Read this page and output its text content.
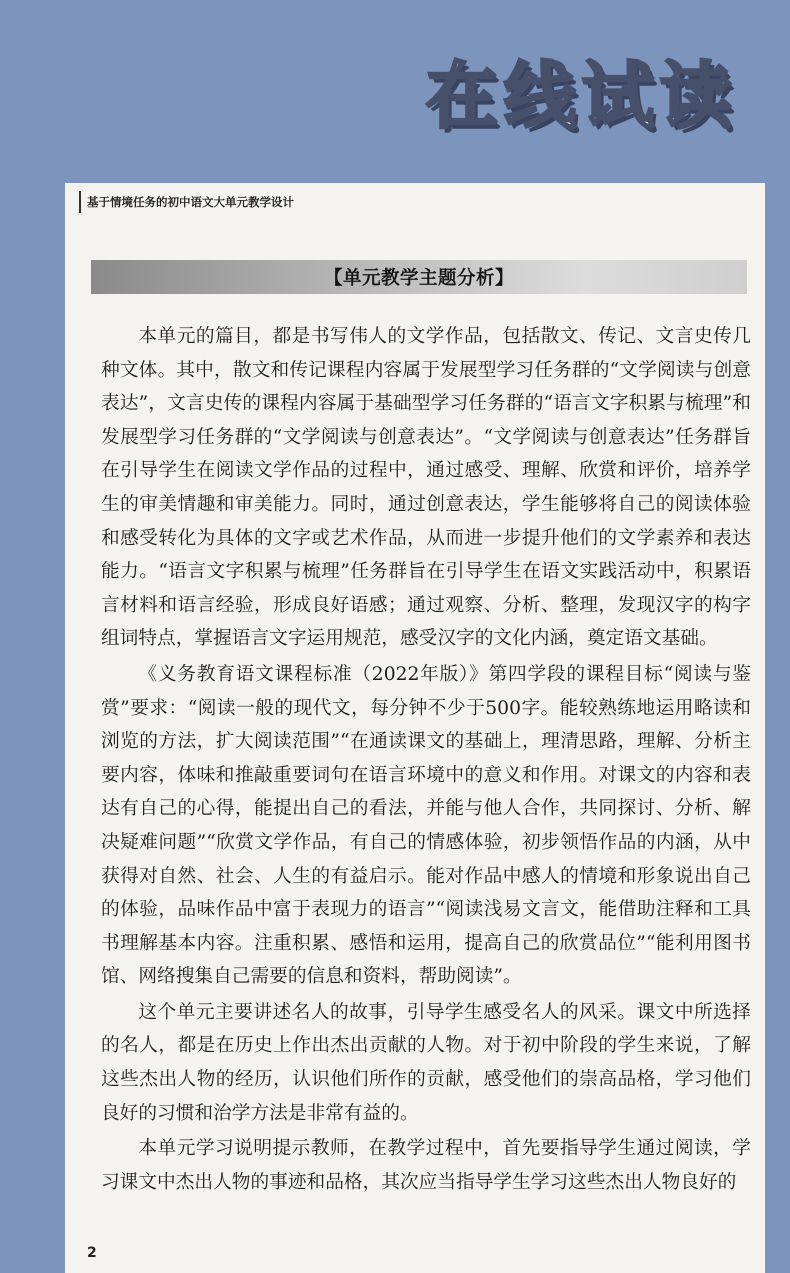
在线试读
基于情境任务的初中语文大单元教学设计
【单元教学主题分析】

本单元的篇目，都是书写伟人的文学作品，包括散文、传记、文言史传几种文体。其中，散文和传记课程内容属于发展型学习任务群的“文学阅读与创意表达”，文言史传的课程内容属于基础型学习任务群的“语言文字积累与梳理”和发展型学习任务群的“文学阅读与创意表达”。“文学阅读与创意表达”任务群旨在引导学生在阅读文学作品的过程中，通过感受、理解、欣赏和评价，培养学生的审美情趣和审美能力。同时，通过创意表达，学生能够将自己的阅读体验和感受转化为具体的文字或艺术作品，从而进一步提升他们的文学素养和表达能力。“语言文字积累与梳理”任务群旨在引导学生在语文实践活动中，积累语言材料和语言经验，形成良好语感；通过观察、分析、整理，发现汉字的构字组词特点，掌握语言文字运用规范，感受汉字的文化内涵，奠定语文基础。

《义务教育语文课程标准（2022年版）》第四学段的课程目标“阅读与鉴赏”要求：“阅读一般的现代文，每分钟不少于500字。能较熟练地运用略读和浏览的方法，扩大阅读范围”“在通读课文的基础上，理清思路，理解、分析主要内容，体味和推敲重要词句在语言环境中的意义和作用。对课文的内容和表达有自己的心得，能提出自己的看法，并能与他人合作，共同探讨、分析、解决疑难问题”“欣赏文学作品，有自己的情感体验，初步领悟作品的内涵，从中获得对自然、社会、人生的有益启示。能对作品中感人的情境和形象说出自己的体验，品味作品中富于表现力的语言”“阅读浅易文言文，能借助注释和工具书理解基本内容。注重积累、感悟和运用，提高自己的欣赏品位”“能利用图书馆、网络搜集自己需要的信息和资料，帮助阅读”。

这个单元主要讲述名人的故事，引导学生感受名人的风采。课文中所选择的名人，都是在历史上作出杰出贡献的人物。对于初中阶段的学生来说，了解这些杰出人物的经历，认识他们所作的贡献，感受他们的崇高品格，学习他们良好的习惯和治学方法是非常有益的。

本单元学习说明提示教师，在教学过程中，首先要指导学生通过阅读，学习课文中杰出人物的事迹和品格，其次应当指导学生学习这些杰出人物良好的

2
